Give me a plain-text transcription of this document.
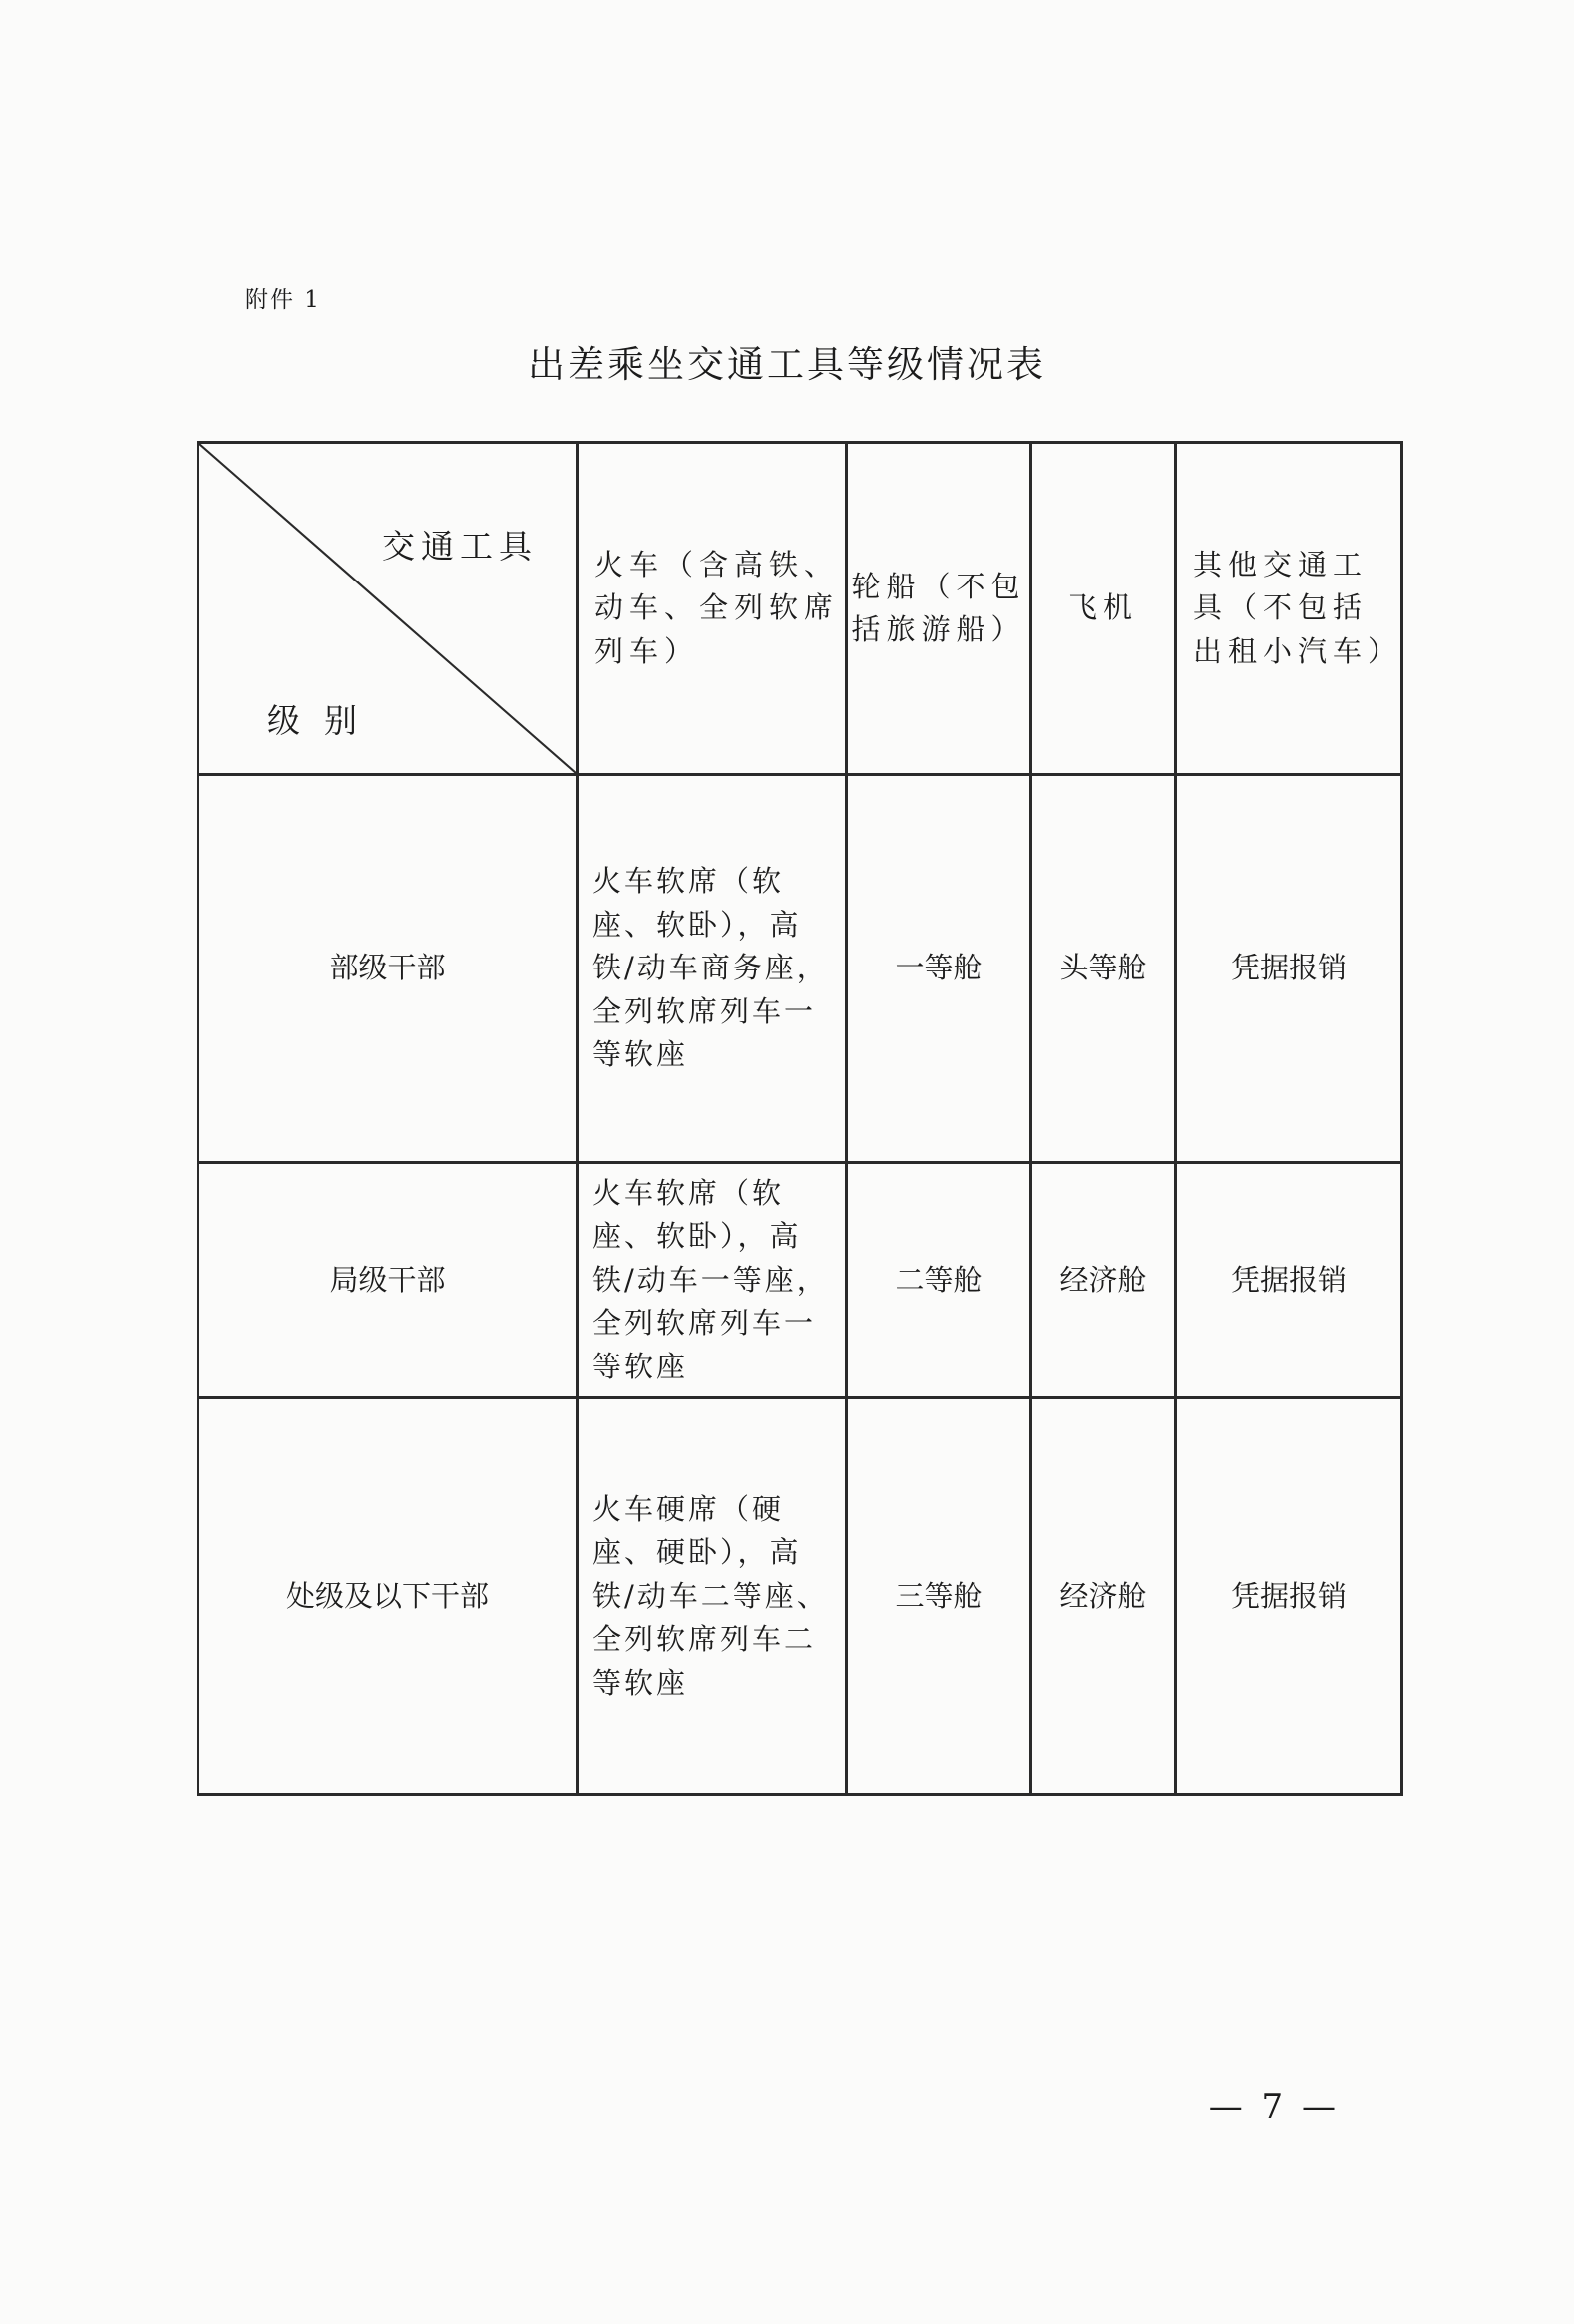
附件 1
出差乘坐交通工具等级情况表
交通工具
级别	火车（含高铁、动车、全列软席列车）	轮船（不包括旅游船）	飞机	其他交通工具（不包括出租小汽车）
部级干部	火车软席（软座、软卧），高铁/动车商务座，全列软席列车一等软座	一等舱	头等舱	凭据报销
局级干部	火车软席（软座、软卧），高铁/动车一等座，全列软席列车一等软座	二等舱	经济舱	凭据报销
处级及以下干部	火车硬席（硬座、硬卧），高铁/动车二等座、全列软席列车二等软座	三等舱	经济舱	凭据报销
— 7 —
